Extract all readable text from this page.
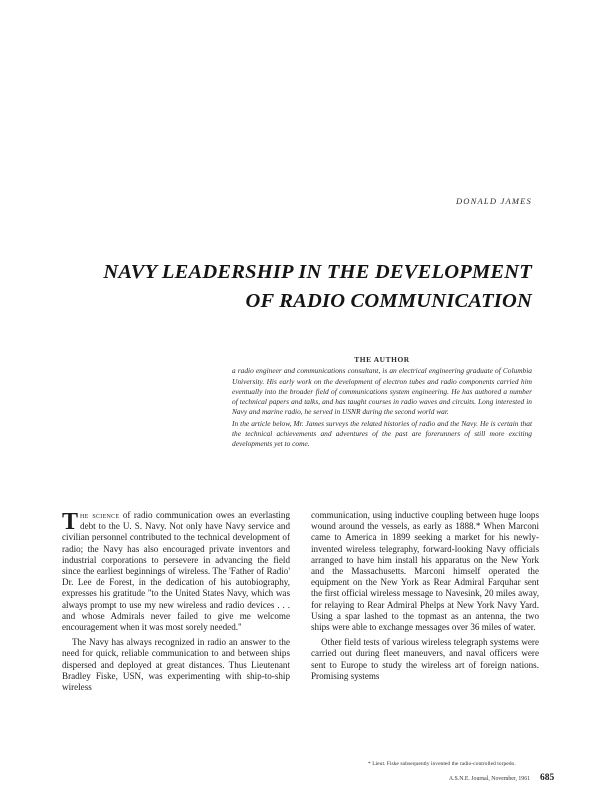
DONALD JAMES
NAVY LEADERSHIP IN THE DEVELOPMENT
OF RADIO COMMUNICATION
THE AUTHOR

a radio engineer and communications consultant, is an electrical engineering graduate of Columbia University. His early work on the development of electron tubes and radio components carried him eventually into the broader field of communications system engineering. He has authored a number of technical papers and talks, and has taught courses in radio waves and circuits. Long interested in Navy and marine radio, he served in USNR during the second world war.

In the article below, Mr. James surveys the related histories of radio and the Navy. He is certain that the technical achievements and adventures of the past are forerunners of still more exciting developments yet to come.

The science of radio communication owes an everlasting debt to the U. S. Navy. Not only have Navy service and civilian personnel contributed to the technical development of radio; the Navy has also encouraged private inventors and industrial corporations to persevere in advancing the field since the earliest beginnings of wireless. The 'Father of Radio' Dr. Lee de Forest, in the dedication of his autobiography, expresses his gratitude "to the United States Navy, which was always prompt to use my new wireless and radio devices . . . and whose Admirals never failed to give me welcome encouragement when it was most sorely needed."

The Navy has always recognized in radio an answer to the need for quick, reliable communication to and between ships dispersed and deployed at great distances. Thus Lieutenant Bradley Fiske, USN, was experimenting with ship-to-ship wireless

communication, using inductive coupling between huge loops wound around the vessels, as early as 1888.* When Marconi came to America in 1899 seeking a market for his newly-invented wireless telegraphy, forward-looking Navy officials arranged to have him install his apparatus on the New York and the Massachusetts. Marconi himself operated the equipment on the New York as Rear Admiral Farquhar sent the first official wireless message to Navesink, 20 miles away, for relaying to Rear Admiral Phelps at New York Navy Yard. Using a spar lashed to the topmast as an antenna, the two ships were able to exchange messages over 36 miles of water.

Other field tests of various wireless telegraph systems were carried out during fleet maneuvers, and naval officers were sent to Europe to study the wireless art of foreign nations. Promising systems

* Lieut. Fiske subsequently invented the radio-controlled torpedo.
A.S.N.E. Journal, November, 1961 685
